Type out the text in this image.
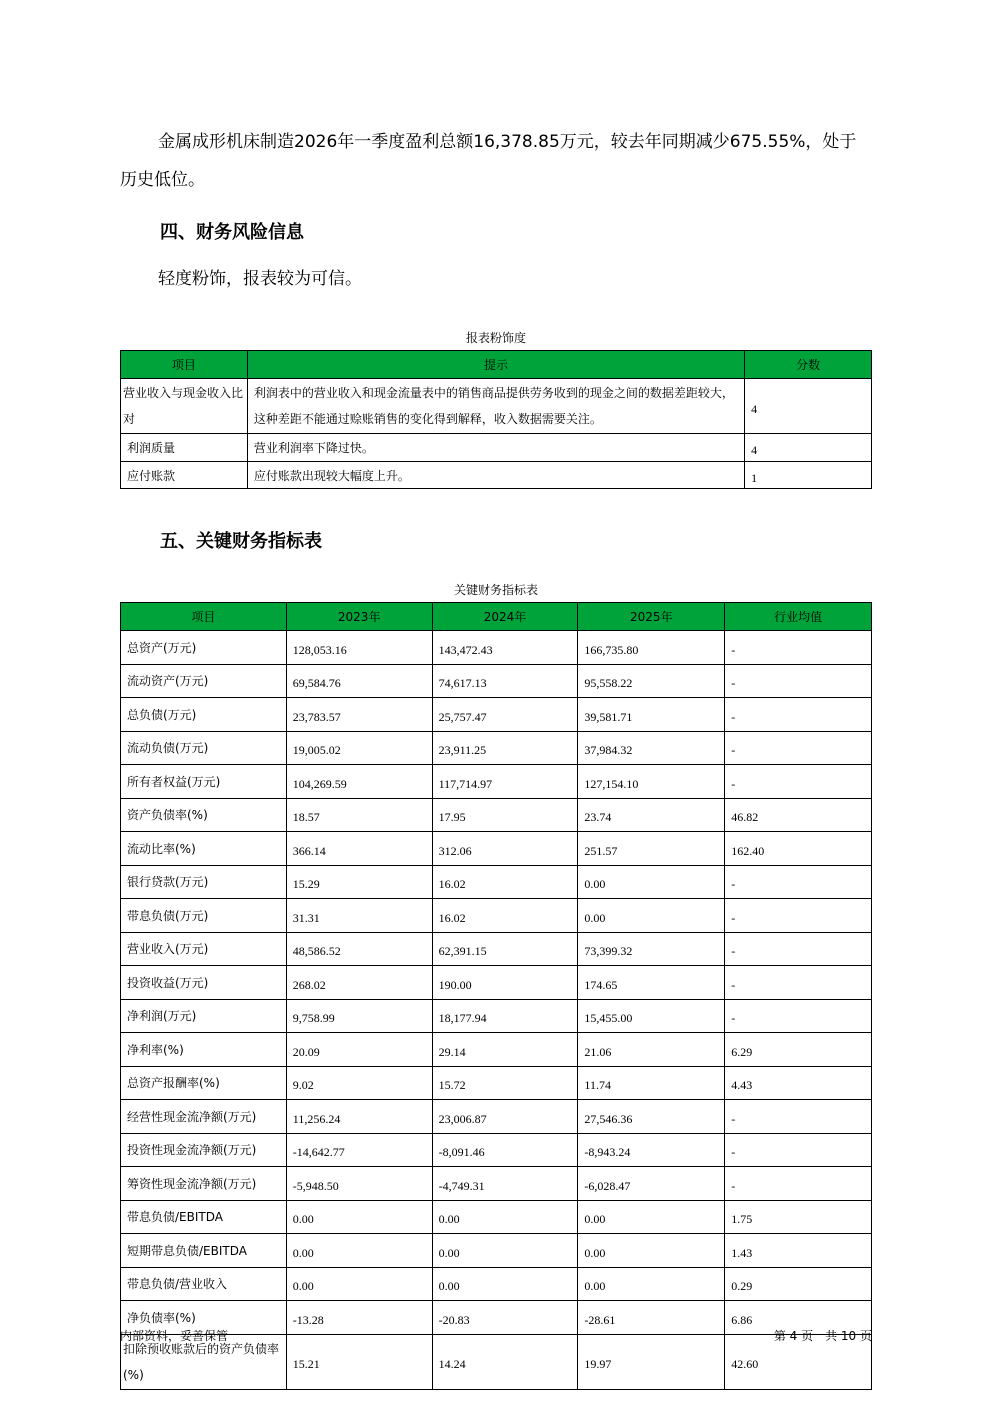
金属成形机床制造2026年一季度盈利总额16,378.85万元，较去年同期减少675.55%，处于
历史低位。
四、财务风险信息
轻度粉饰，报表较为可信。
报表粉饰度
项目	提示	分数
营业收入与现金收入比对	利润表中的营业收入和现金流量表中的销售商品提供劳务收到的现金之间的数据差距较大，这种差距不能通过赊账销售的变化得到解释，收入数据需要关注。	4
利润质量	营业利润率下降过快。	4
应付账款	应付账款出现较大幅度上升。	1
五、关键财务指标表
关键财务指标表
项目	2023年	2024年	2025年	行业均值
总资产(万元)	128,053.16	143,472.43	166,735.80	-
流动资产(万元)	69,584.76	74,617.13	95,558.22	-
总负债(万元)	23,783.57	25,757.47	39,581.71	-
流动负债(万元)	19,005.02	23,911.25	37,984.32	-
所有者权益(万元)	104,269.59	117,714.97	127,154.10	-
资产负债率(%)	18.57	17.95	23.74	46.82
流动比率(%)	366.14	312.06	251.57	162.40
银行贷款(万元)	15.29	16.02	0.00	-
带息负债(万元)	31.31	16.02	0.00	-
营业收入(万元)	48,586.52	62,391.15	73,399.32	-
投资收益(万元)	268.02	190.00	174.65	-
净利润(万元)	9,758.99	18,177.94	15,455.00	-
净利率(%)	20.09	29.14	21.06	6.29
总资产报酬率(%)	9.02	15.72	11.74	4.43
经营性现金流净额(万元)	11,256.24	23,006.87	27,546.36	-
投资性现金流净额(万元)	-14,642.77	-8,091.46	-8,943.24	-
筹资性现金流净额(万元)	-5,948.50	-4,749.31	-6,028.47	-
带息负债/EBITDA	0.00	0.00	0.00	1.75
短期带息负债/EBITDA	0.00	0.00	0.00	1.43
带息负债/营业收入	0.00	0.00	0.00	0.29
净负债率(%)	-13.28	-20.83	-28.61	6.86
扣除预收账款后的资产负债率(%)	15.21	14.24	19.97	42.60
内部资料，妥善保管	第 4 页　共 10 页
